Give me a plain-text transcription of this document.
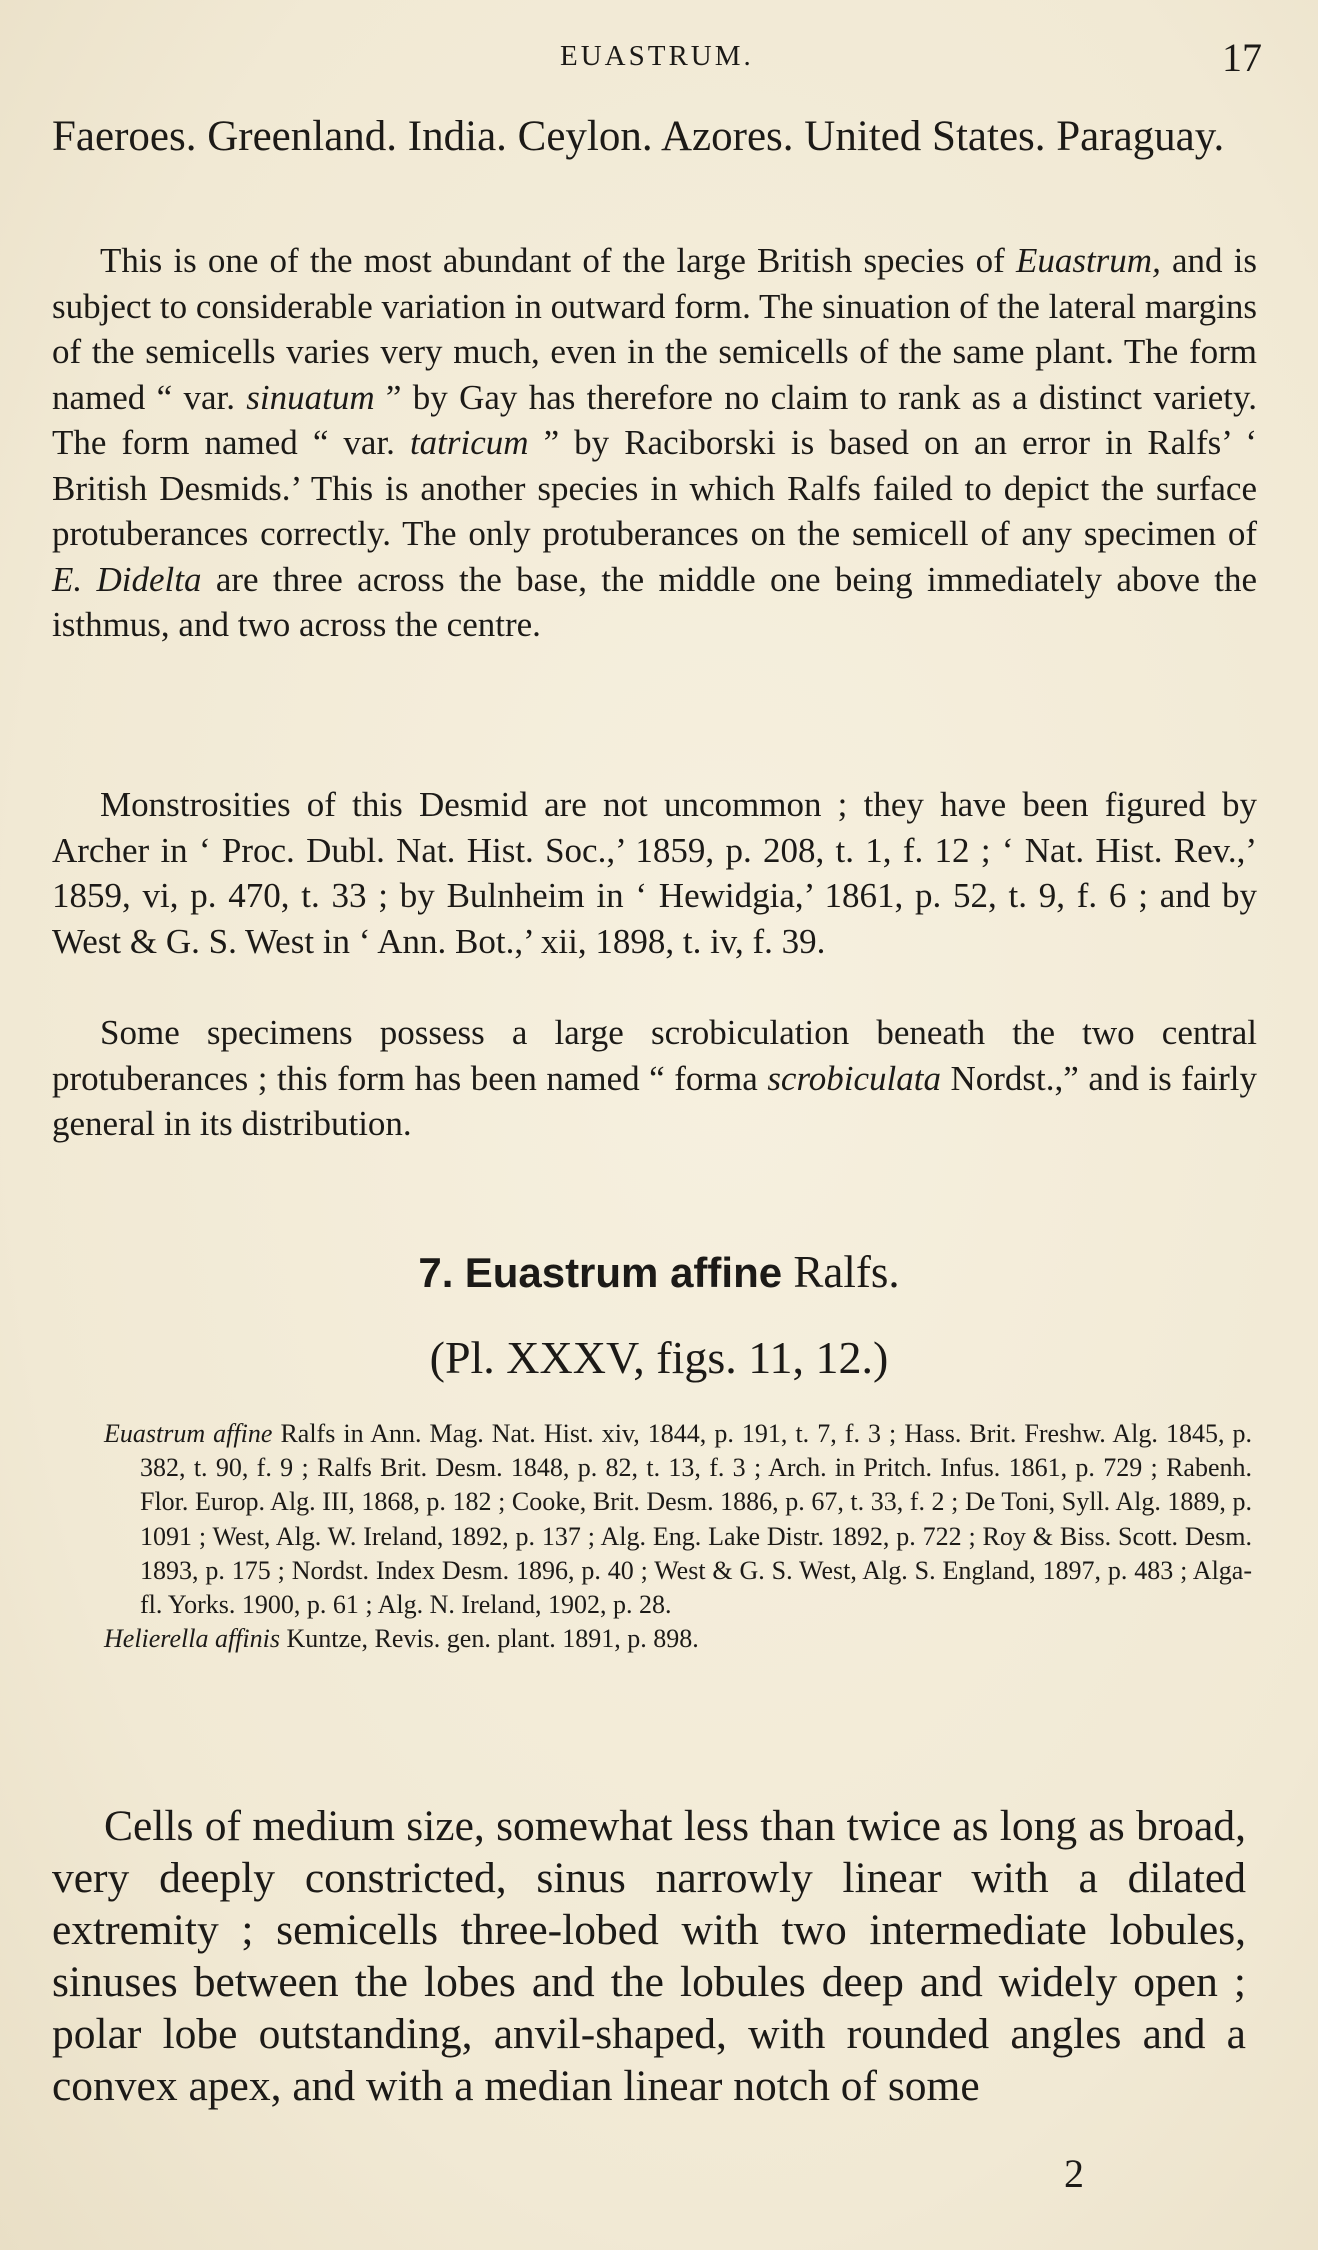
EUASTRUM.	17
Faeroes. Greenland. India. Ceylon. Azores. United States. Paraguay.
This is one of the most abundant of the large British species of Euastrum, and is subject to considerable variation in outward form. The sinuation of the lateral margins of the semicells varies very much, even in the semicells of the same plant. The form named “ var. sinuatum ” by Gay has therefore no claim to rank as a distinct variety. The form named “ var. tatricum ” by Raciborski is based on an error in Ralfs’ ‘ British Desmids.’ This is another species in which Ralfs failed to depict the surface protuberances correctly. The only protuberances on the semicell of any specimen of E. Didelta are three across the base, the middle one being immediately above the isthmus, and two across the centre.
Monstrosities of this Desmid are not uncommon ; they have been figured by Archer in ‘ Proc. Dubl. Nat. Hist. Soc.,’ 1859, p. 208, t. 1, f. 12 ; ‘ Nat. Hist. Rev.,’ 1859, vi, p. 470, t. 33 ; by Bulnheim in ‘ Hewidgia,’ 1861, p. 52, t. 9, f. 6 ; and by West & G. S. West in ‘ Ann. Bot.,’ xii, 1898, t. iv, f. 39.
Some specimens possess a large scrobiculation beneath the two central protuberances ; this form has been named “ forma scrobiculata Nordst.,” and is fairly general in its distribution.
7. Euastrum affine Ralfs.
(Pl. XXXV, figs. 11, 12.)
Euastrum affine Ralfs in Ann. Mag. Nat. Hist. xiv, 1844, p. 191, t. 7, f. 3 ; Hass. Brit. Freshw. Alg. 1845, p. 382, t. 90, f. 9 ; Ralfs Brit. Desm. 1848, p. 82, t. 13, f. 3 ; Arch. in Pritch. Infus. 1861, p. 729 ; Rabenh. Flor. Europ. Alg. III, 1868, p. 182 ; Cooke, Brit. Desm. 1886, p. 67, t. 33, f. 2 ; De Toni, Syll. Alg. 1889, p. 1091 ; West, Alg. W. Ireland, 1892, p. 137 ; Alg. Eng. Lake Distr. 1892, p. 722 ; Roy & Biss. Scott. Desm. 1893, p. 175 ; Nordst. Index Desm. 1896, p. 40 ; West & G. S. West, Alg. S. England, 1897, p. 483 ; Alga-fl. Yorks. 1900, p. 61 ; Alg. N. Ireland, 1902, p. 28.
Helierella affinis Kuntze, Revis. gen. plant. 1891, p. 898.
Cells of medium size, somewhat less than twice as long as broad, very deeply constricted, sinus narrowly linear with a dilated extremity ; semicells three-lobed with two intermediate lobules, sinuses between the lobes and the lobules deep and widely open ; polar lobe outstanding, anvil-shaped, with rounded angles and a convex apex, and with a median linear notch of some
2
